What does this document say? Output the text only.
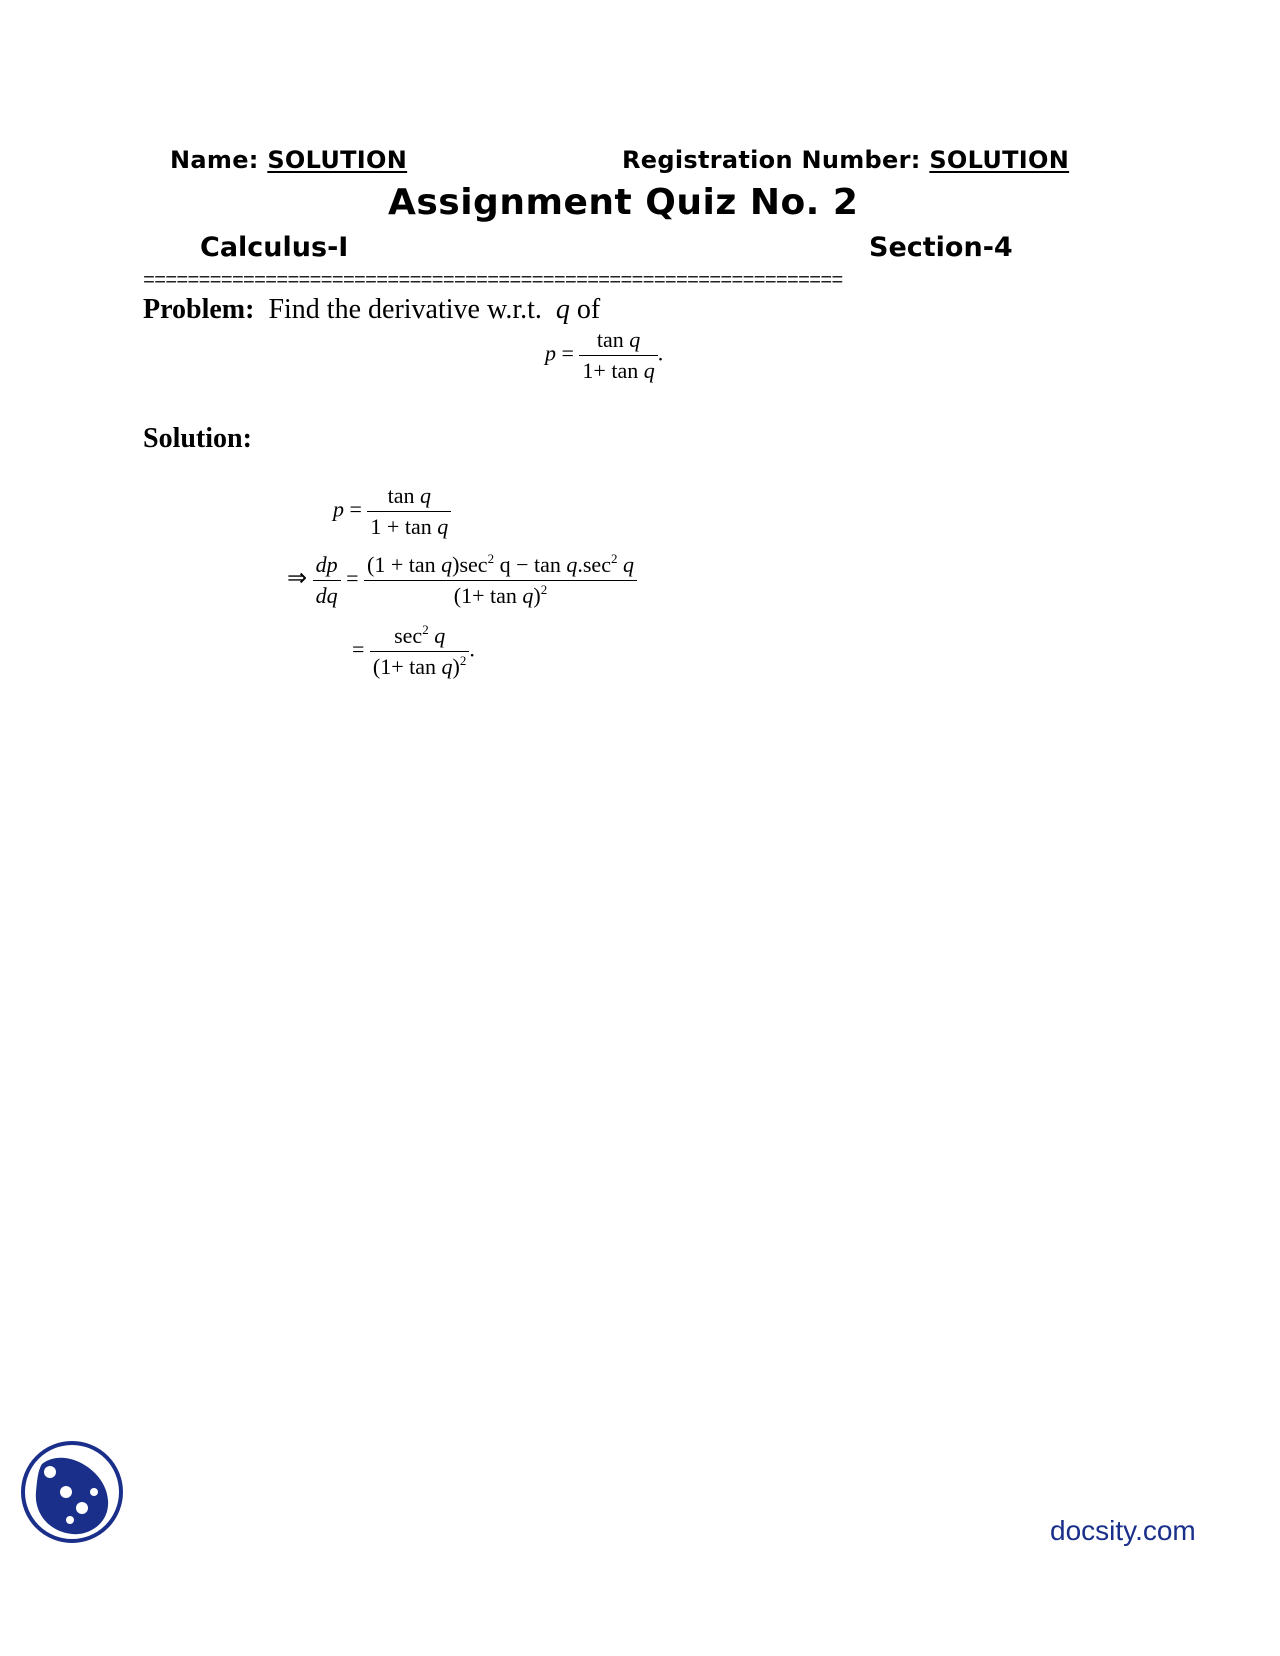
Name: SOLUTION	Registration Number: SOLUTION
Assignment Quiz No. 2
Calculus-I	Section-4
===============================================================
Problem: Find the derivative w.r.t. q of
$p = \frac{\text{tan q}}{\text{1+ tan q}}$ .
Solution:
$p = \frac{\text{tan q}}{\text{1 + tan q}}$
⇒ $\frac{dp}{dq} = \frac{(1 + \tan q)\sec^2 q - \tan q.\sec^2 q}{(1+ \tan q)^2}$
= $\frac{\sec^2 q}{(1+ \tan q)^2}$ .
docsity.com
